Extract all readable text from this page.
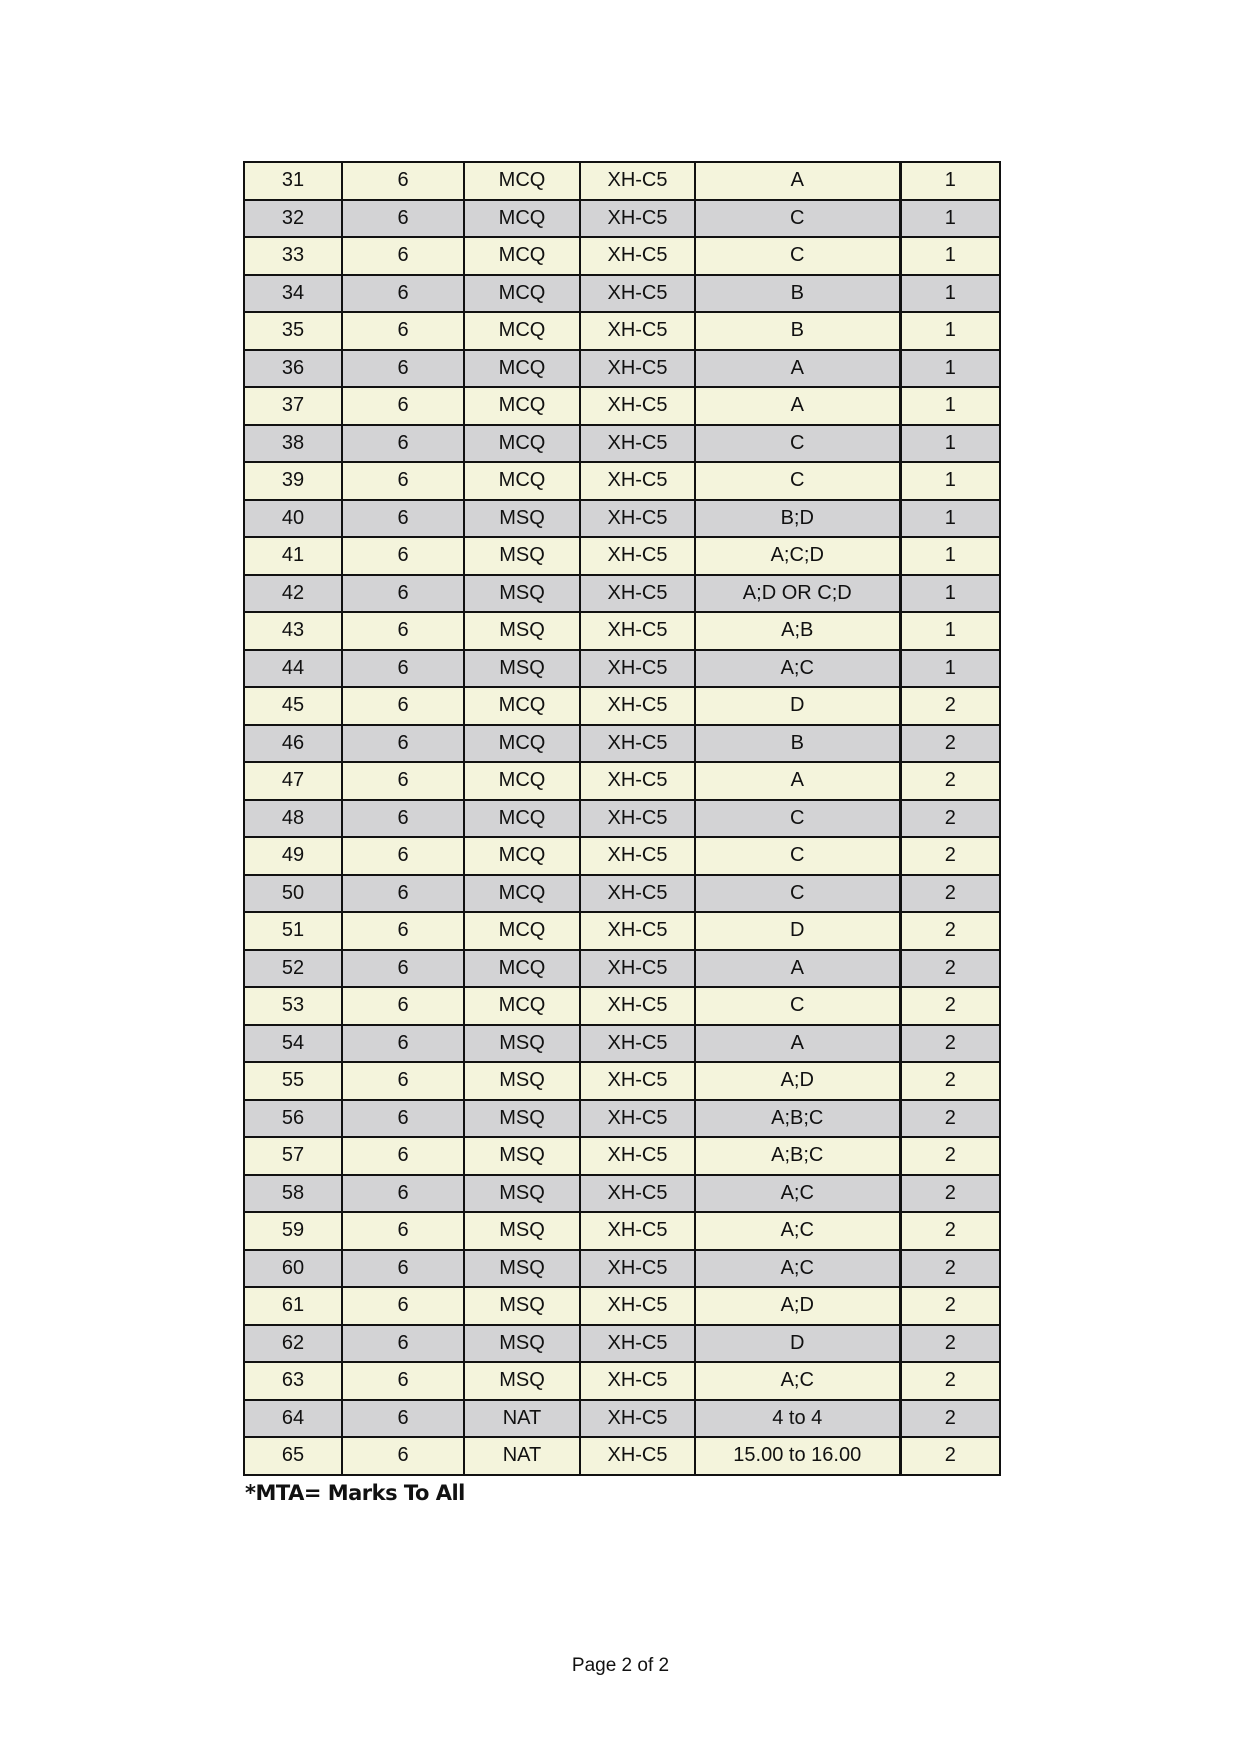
31	6	MCQ	XH-C5	A	1
32	6	MCQ	XH-C5	C	1
33	6	MCQ	XH-C5	C	1
34	6	MCQ	XH-C5	B	1
35	6	MCQ	XH-C5	B	1
36	6	MCQ	XH-C5	A	1
37	6	MCQ	XH-C5	A	1
38	6	MCQ	XH-C5	C	1
39	6	MCQ	XH-C5	C	1
40	6	MSQ	XH-C5	B;D	1
41	6	MSQ	XH-C5	A;C;D	1
42	6	MSQ	XH-C5	A;D OR C;D	1
43	6	MSQ	XH-C5	A;B	1
44	6	MSQ	XH-C5	A;C	1
45	6	MCQ	XH-C5	D	2
46	6	MCQ	XH-C5	B	2
47	6	MCQ	XH-C5	A	2
48	6	MCQ	XH-C5	C	2
49	6	MCQ	XH-C5	C	2
50	6	MCQ	XH-C5	C	2
51	6	MCQ	XH-C5	D	2
52	6	MCQ	XH-C5	A	2
53	6	MCQ	XH-C5	C	2
54	6	MSQ	XH-C5	A	2
55	6	MSQ	XH-C5	A;D	2
56	6	MSQ	XH-C5	A;B;C	2
57	6	MSQ	XH-C5	A;B;C	2
58	6	MSQ	XH-C5	A;C	2
59	6	MSQ	XH-C5	A;C	2
60	6	MSQ	XH-C5	A;C	2
61	6	MSQ	XH-C5	A;D	2
62	6	MSQ	XH-C5	D	2
63	6	MSQ	XH-C5	A;C	2
64	6	NAT	XH-C5	4 to 4	2
65	6	NAT	XH-C5	15.00 to 16.00	2
*MTA= Marks To All
Page 2 of 2
